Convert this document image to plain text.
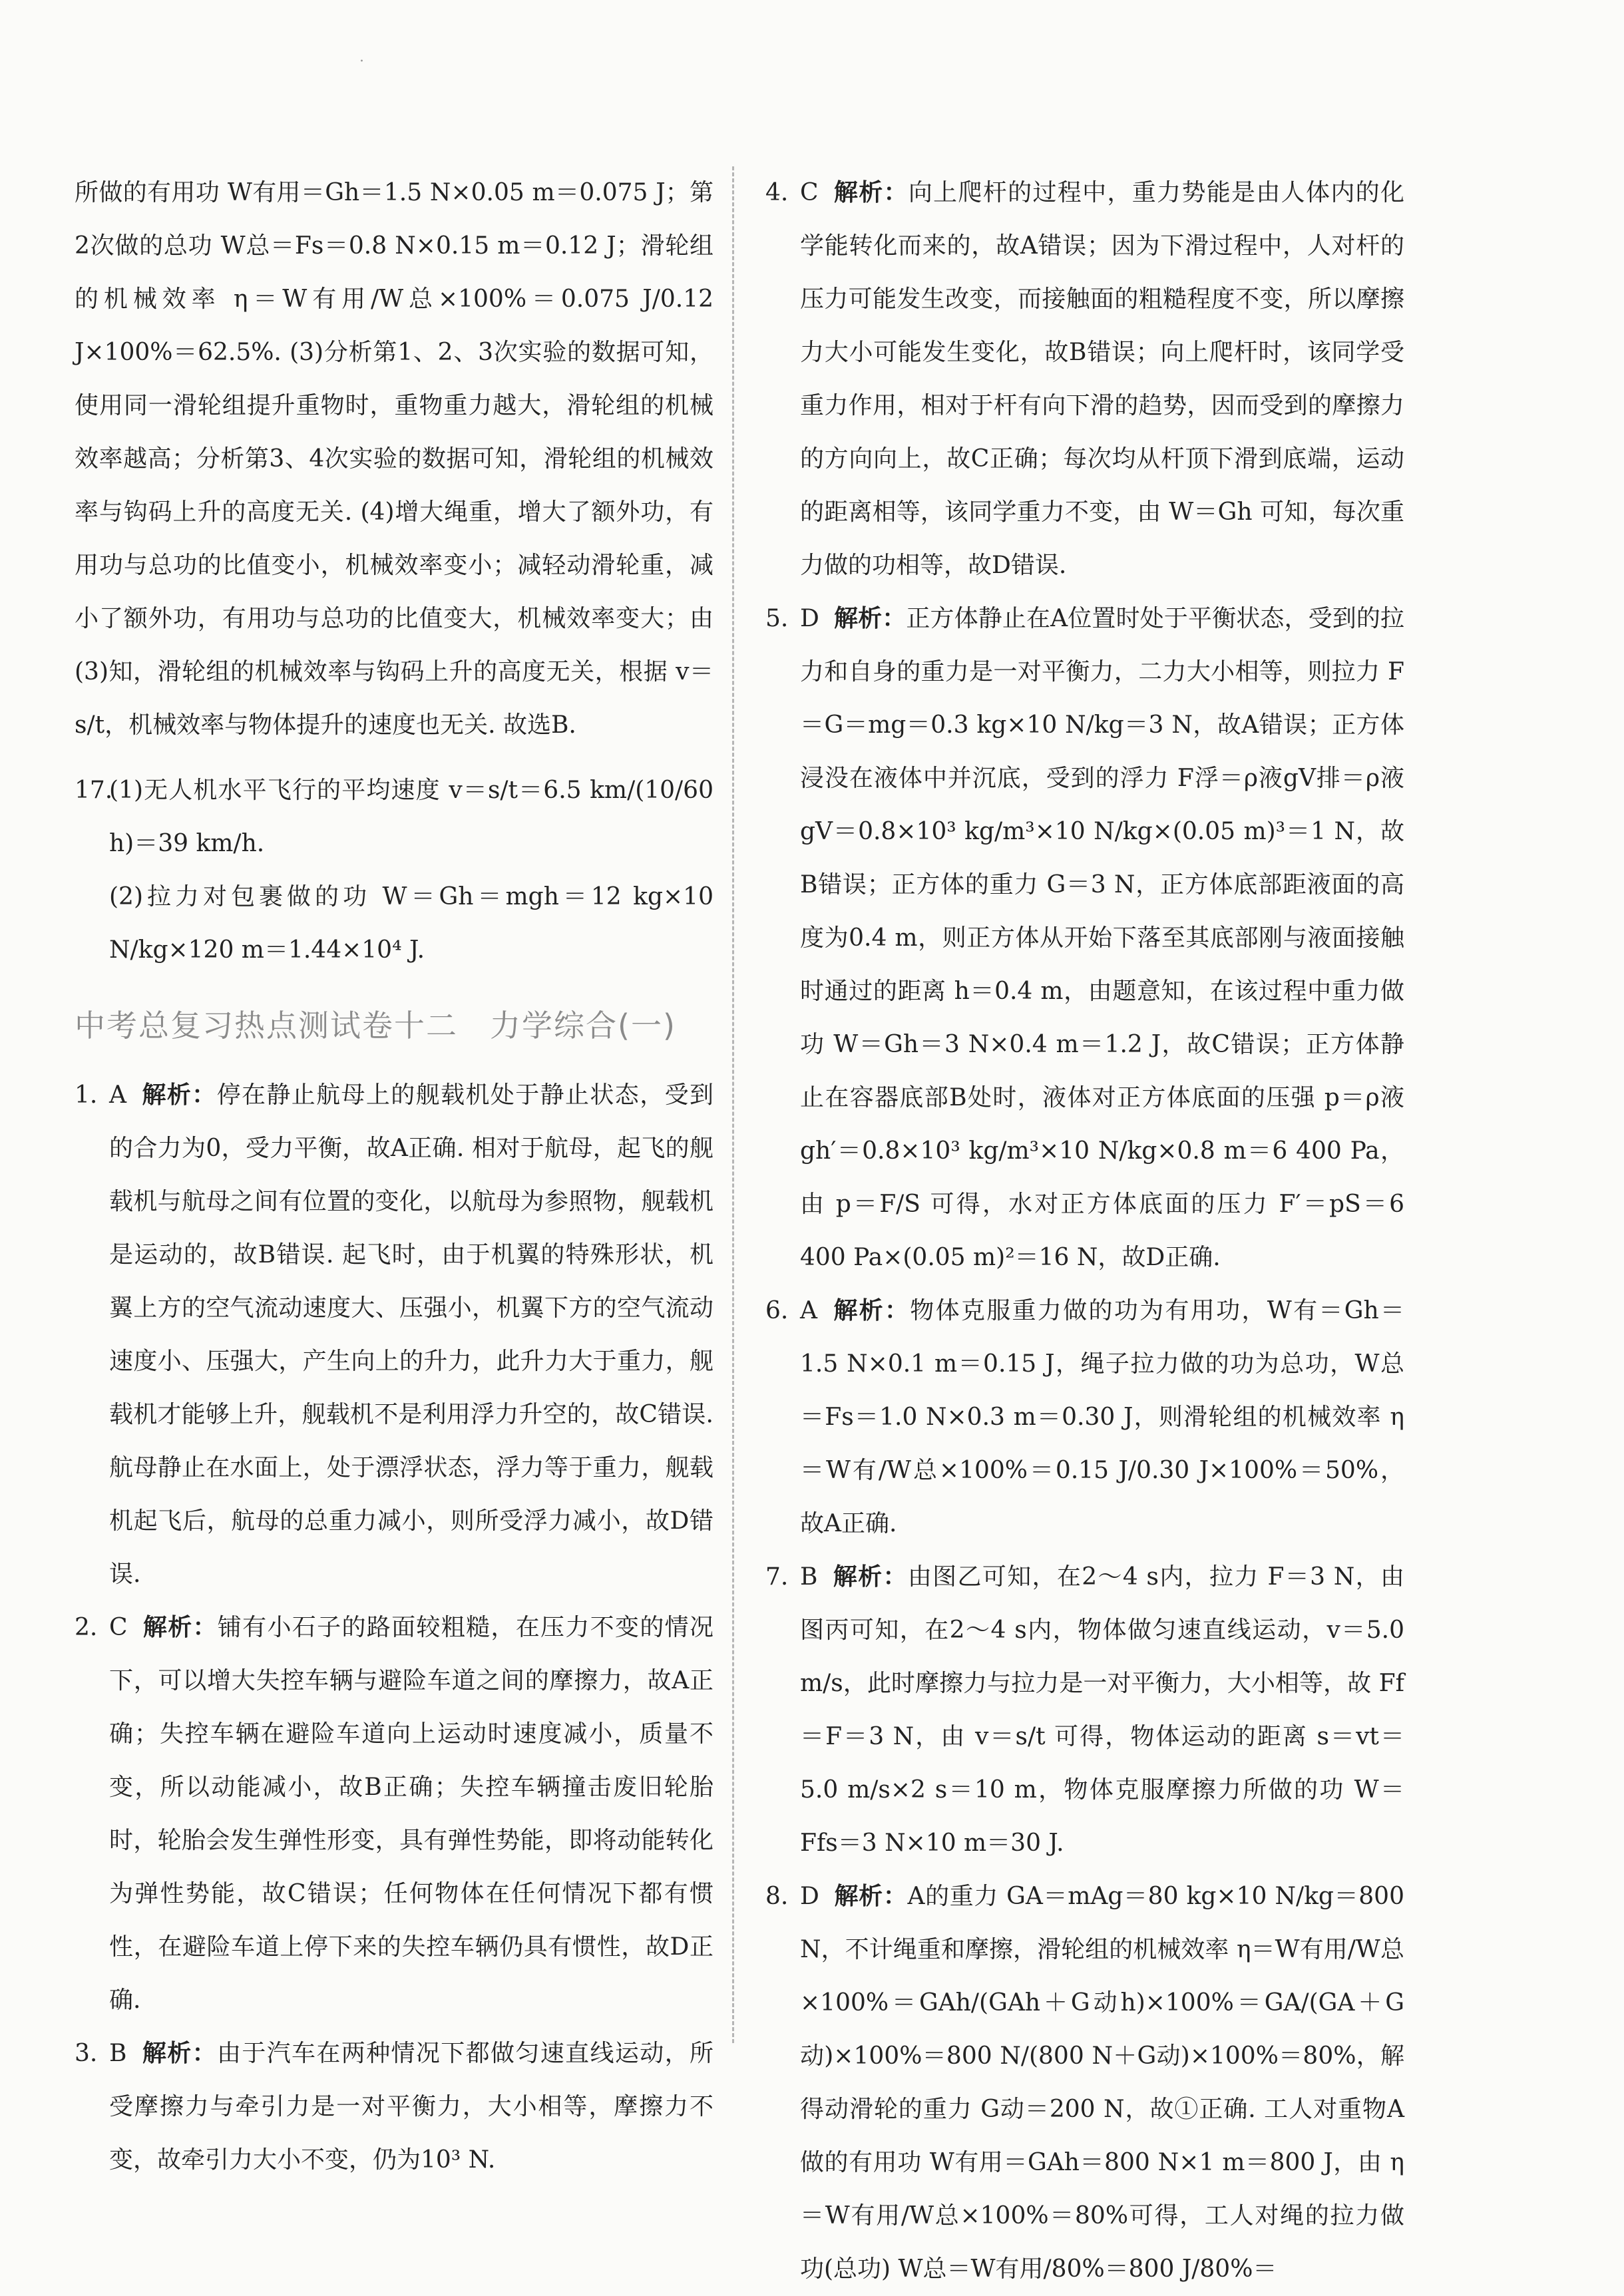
·

所做的有用功 W有用＝Gh＝1.5 N×0.05 m＝0.075 J；第2次做的总功 W总＝Fs＝0.8 N×0.15 m＝0.12 J；滑轮组的机械效率 η＝W有用/W总×100%＝0.075 J/0.12 J×100%＝62.5%. (3)分析第1、2、3次实验的数据可知，使用同一滑轮组提升重物时，重物重力越大，滑轮组的机械效率越高；分析第3、4次实验的数据可知，滑轮组的机械效率与钩码上升的高度无关. (4)增大绳重，增大了额外功，有用功与总功的比值变小，机械效率变小；减轻动滑轮重，减小了额外功，有用功与总功的比值变大，机械效率变大；由(3)知，滑轮组的机械效率与钩码上升的高度无关，根据 v＝s/t，机械效率与物体提升的速度也无关. 故选B.

17.(1)无人机水平飞行的平均速度 v＝s/t＝6.5 km/(10/60 h)＝39 km/h.

(2)拉力对包裹做的功 W＝Gh＝mgh＝12 kg×10 N/kg×120 m＝1.44×10⁴ J.

中考总复习热点测试卷十二　力学综合(一)

1. A 解析：停在静止航母上的舰载机处于静止状态，受到的合力为0，受力平衡，故A正确. 相对于航母，起飞的舰载机与航母之间有位置的变化，以航母为参照物，舰载机是运动的，故B错误. 起飞时，由于机翼的特殊形状，机翼上方的空气流动速度大、压强小，机翼下方的空气流动速度小、压强大，产生向上的升力，此升力大于重力，舰载机才能够上升，舰载机不是利用浮力升空的，故C错误. 航母静止在水面上，处于漂浮状态，浮力等于重力，舰载机起飞后，航母的总重力减小，则所受浮力减小，故D错误.

2. C 解析：铺有小石子的路面较粗糙，在压力不变的情况下，可以增大失控车辆与避险车道之间的摩擦力，故A正确；失控车辆在避险车道向上运动时速度减小，质量不变，所以动能减小，故B正确；失控车辆撞击废旧轮胎时，轮胎会发生弹性形变，具有弹性势能，即将动能转化为弹性势能，故C错误；任何物体在任何情况下都有惯性，在避险车道上停下来的失控车辆仍具有惯性，故D正确.

3. B 解析：由于汽车在两种情况下都做匀速直线运动，所受摩擦力与牵引力是一对平衡力，大小相等，摩擦力不变，故牵引力大小不变，仍为10³ N.

4. C 解析：向上爬杆的过程中，重力势能是由人体内的化学能转化而来的，故A错误；因为下滑过程中，人对杆的压力可能发生改变，而接触面的粗糙程度不变，所以摩擦力大小可能发生变化，故B错误；向上爬杆时，该同学受重力作用，相对于杆有向下滑的趋势，因而受到的摩擦力的方向向上，故C正确；每次均从杆顶下滑到底端，运动的距离相等，该同学重力不变，由 W＝Gh 可知，每次重力做的功相等，故D错误.

5. D 解析：正方体静止在A位置时处于平衡状态，受到的拉力和自身的重力是一对平衡力，二力大小相等，则拉力 F＝G＝mg＝0.3 kg×10 N/kg＝3 N，故A错误；正方体浸没在液体中并沉底，受到的浮力 F浮＝ρ液gV排＝ρ液gV＝0.8×10³ kg/m³×10 N/kg×(0.05 m)³＝1 N，故B错误；正方体的重力 G＝3 N，正方体底部距液面的高度为0.4 m，则正方体从开始下落至其底部刚与液面接触时通过的距离 h＝0.4 m，由题意知，在该过程中重力做功 W＝Gh＝3 N×0.4 m＝1.2 J，故C错误；正方体静止在容器底部B处时，液体对正方体底面的压强 p＝ρ液gh′＝0.8×10³ kg/m³×10 N/kg×0.8 m＝6 400 Pa，由 p＝F/S 可得，水对正方体底面的压力 F′＝pS＝6 400 Pa×(0.05 m)²＝16 N，故D正确.

6. A 解析：物体克服重力做的功为有用功，W有＝Gh＝1.5 N×0.1 m＝0.15 J，绳子拉力做的功为总功，W总＝Fs＝1.0 N×0.3 m＝0.30 J，则滑轮组的机械效率 η＝W有/W总×100%＝0.15 J/0.30 J×100%＝50%，故A正确.

7. B 解析：由图乙可知，在2～4 s内，拉力 F＝3 N，由图丙可知，在2～4 s内，物体做匀速直线运动，v＝5.0 m/s，此时摩擦力与拉力是一对平衡力，大小相等，故 Ff＝F＝3 N，由 v＝s/t 可得，物体运动的距离 s＝vt＝5.0 m/s×2 s＝10 m，物体克服摩擦力所做的功 W＝Ffs＝3 N×10 m＝30 J.

8. D 解析：A的重力 GA＝mAg＝80 kg×10 N/kg＝800 N，不计绳重和摩擦，滑轮组的机械效率 η＝W有用/W总×100%＝GAh/(GAh＋G动h)×100%＝GA/(GA＋G动)×100%＝800 N/(800 N＋G动)×100%＝80%，解得动滑轮的重力 G动＝200 N，故①正确. 工人对重物A做的有用功 W有用＝GAh＝800 N×1 m＝800 J，由 η＝W有用/W总×100%＝80%可得，工人对绳的拉力做功(总功) W总＝W有用/80%＝800 J/80%＝
